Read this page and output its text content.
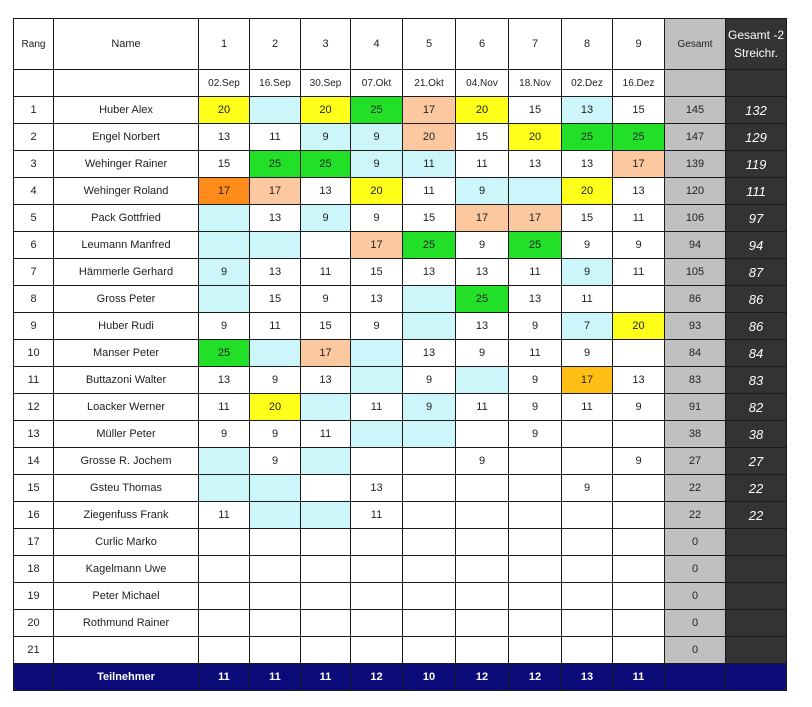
Rang	Name	1	2	3	4	5	6	7	8	9	Gesamt	Gesamt -2 Streichr.
		02.Sep	16.Sep	30.Sep	07.Okt	21.Okt	04.Nov	18.Nov	02.Dez	16.Dez		
1	Huber Alex	20		20	25	17	20	15	13	15	145	132
2	Engel Norbert	13	11	9	9	20	15	20	25	25	147	129
3	Wehinger Rainer	15	25	25	9	11	11	13	13	17	139	119
4	Wehinger Roland	17	17	13	20	11	9		20	13	120	111
5	Pack Gottfried		13	9	9	15	17	17	15	11	106	97
6	Leumann Manfred				17	25	9	25	9	9	94	94
7	Hämmerle Gerhard	9	13	11	15	13	13	11	9	11	105	87
8	Gross Peter		15	9	13		25	13	11		86	86
9	Huber Rudi	9	11	15	9		13	9	7	20	93	86
10	Manser Peter	25		17		13	9	11	9		84	84
11	Buttazoni Walter	13	9	13		9		9	17	13	83	83
12	Loacker Werner	11	20		11	9	11	9	11	9	91	82
13	Müller Peter	9	9	11				9			38	38
14	Grosse R. Jochem		9				9			9	27	27
15	Gsteu Thomas				13				9		22	22
16	Ziegenfuss Frank	11			11						22	22
17	Curlic Marko										0	
18	Kagelmann Uwe										0	
19	Peter Michael										0	
20	Rothmund Rainer										0	
21											0	
	Teilnehmer	11	11	11	12	10	12	12	13	11		
